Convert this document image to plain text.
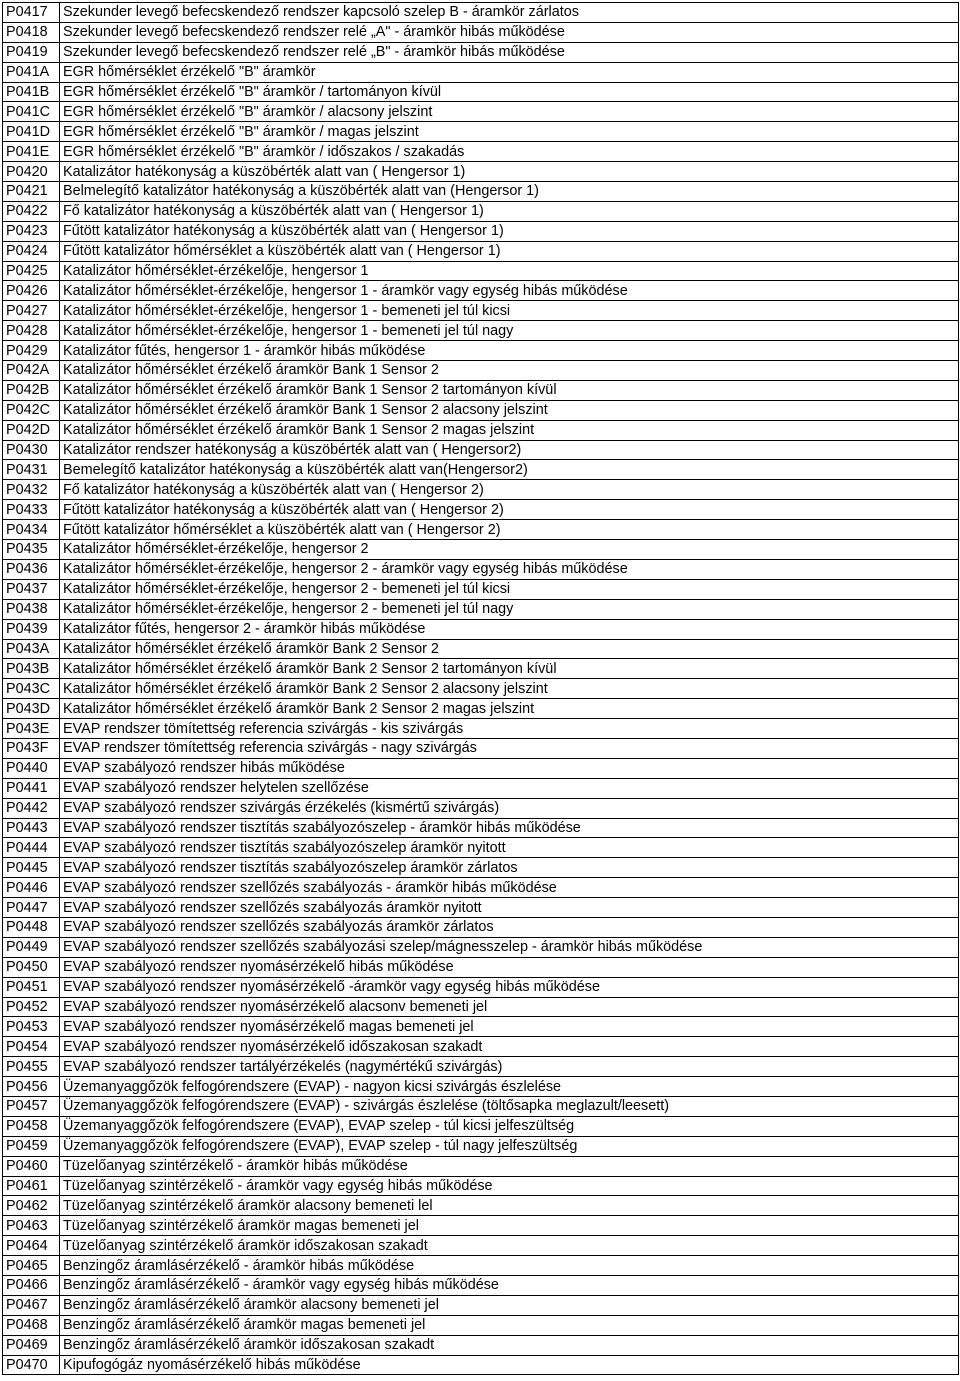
P0417	Szekunder levegő befecskendező rendszer kapcsoló szelep B - áramkör zárlatos
P0418	Szekunder levegő befecskendező rendszer relé „A" - áramkör hibás működése
P0419	Szekunder levegő befecskendező rendszer relé „B" - áramkör hibás működése
P041A	EGR hőmérséklet érzékelő "B" áramkör
P041B	EGR hőmérséklet érzékelő "B" áramkör / tartományon kívül
P041C	EGR hőmérséklet érzékelő "B" áramkör / alacsony jelszint
P041D	EGR hőmérséklet érzékelő "B" áramkör / magas jelszint
P041E	EGR hőmérséklet érzékelő "B" áramkör / időszakos / szakadás
P0420	Katalizátor hatékonyság a küszöbérték alatt van ( Hengersor 1)
P0421	Belmelegítő katalizátor hatékonyság a küszöbérték alatt van (Hengersor 1)
P0422	Fő katalizátor hatékonyság a küszöbérték alatt van ( Hengersor 1)
P0423	Fűtött katalizátor hatékonyság a küszöbérték alatt van ( Hengersor 1)
P0424	Fűtött katalizátor hőmérséklet a küszöbérték alatt van ( Hengersor 1)
P0425	Katalizátor hőmérséklet-érzékelője, hengersor 1
P0426	Katalizátor hőmérséklet-érzékelője, hengersor 1 - áramkör vagy egység hibás működése
P0427	Katalizátor hőmérséklet-érzékelője, hengersor 1 - bemeneti jel túl kicsi
P0428	Katalizátor hőmérséklet-érzékelője, hengersor 1 - bemeneti jel túl nagy
P0429	Katalizátor fűtés, hengersor 1 - áramkör hibás működése
P042A	Katalizátor hőmérséklet érzékelő áramkör Bank 1 Sensor 2
P042B	Katalizátor hőmérséklet érzékelő áramkör Bank 1 Sensor 2 tartományon kívül
P042C	Katalizátor hőmérséklet érzékelő áramkör Bank 1 Sensor 2 alacsony jelszint
P042D	Katalizátor hőmérséklet érzékelő áramkör Bank 1 Sensor 2 magas jelszint
P0430	Katalizátor rendszer hatékonyság a küszöbérték alatt van ( Hengersor2)
P0431	Bemelegítő katalizátor hatékonyság a küszöbérték alatt van(Hengersor2)
P0432	Fő katalizátor hatékonyság a küszöbérték alatt van ( Hengersor 2)
P0433	Fűtött katalizátor hatékonyság a küszöbérték alatt van ( Hengersor 2)
P0434	Fűtött katalizátor hőmérséklet a küszöbérték alatt van ( Hengersor 2)
P0435	Katalizátor hőmérséklet-érzékelője, hengersor 2
P0436	Katalizátor hőmérséklet-érzékelője, hengersor 2 - áramkör vagy egység hibás működése
P0437	Katalizátor hőmérséklet-érzékelője, hengersor 2 - bemeneti jel túl kicsi
P0438	Katalizátor hőmérséklet-érzékelője, hengersor 2 - bemeneti jel túl nagy
P0439	Katalizátor fűtés, hengersor 2 - áramkör hibás működése
P043A	Katalizátor hőmérséklet érzékelő áramkör Bank 2 Sensor 2
P043B	Katalizátor hőmérséklet érzékelő áramkör Bank 2 Sensor 2 tartományon kívül
P043C	Katalizátor hőmérséklet érzékelő áramkör Bank 2 Sensor 2 alacsony jelszint
P043D	Katalizátor hőmérséklet érzékelő áramkör Bank 2 Sensor 2 magas jelszint
P043E	EVAP rendszer tömítettség referencia szivárgás - kis szivárgás
P043F	EVAP rendszer tömítettség referencia szivárgás - nagy szivárgás
P0440	EVAP szabályozó rendszer hibás működése
P0441	EVAP szabályozó rendszer helytelen szellőzése
P0442	EVAP szabályozó rendszer szivárgás érzékelés (kismértű szivárgás)
P0443	EVAP szabályozó rendszer tisztítás szabályozószelep - áramkör hibás működése
P0444	EVAP szabályozó rendszer tisztítás szabályozószelep áramkör nyitott
P0445	EVAP szabályozó rendszer tisztítás szabályozószelep áramkör zárlatos
P0446	EVAP szabályozó rendszer szellőzés szabályozás - áramkör hibás működése
P0447	EVAP szabályozó rendszer szellőzés szabályozás áramkör nyitott
P0448	EVAP szabályozó rendszer szellőzés szabályozás áramkör zárlatos
P0449	EVAP szabályozó rendszer szellőzés szabályozási szelep/mágnesszelep - áramkör hibás működése
P0450	EVAP szabályozó rendszer nyomásérzékelő hibás működése
P0451	EVAP szabályozó rendszer nyomásérzékelő -áramkör vagy egység hibás működése
P0452	EVAP szabályozó rendszer nyomásérzékelő alacsonv bemeneti jel
P0453	EVAP szabályozó rendszer nyomásérzékelő magas bemeneti jel
P0454	EVAP szabályozó rendszer nyomásérzékelő időszakosan szakadt
P0455	EVAP szabályozó rendszer tartályérzékelés (nagymértékű szivárgás)
P0456	Üzemanyaggőzök felfogórendszere (EVAP) - nagyon kicsi szivárgás észlelése
P0457	Üzemanyaggőzök felfogórendszere (EVAP) - szivárgás észlelése (töltősapka meglazult/leesett)
P0458	Üzemanyaggőzök felfogórendszere (EVAP), EVAP szelep - túl kicsi jelfeszültség
P0459	Üzemanyaggőzök felfogórendszere (EVAP), EVAP szelep - túl nagy jelfeszültség
P0460	Tüzelőanyag szintérzékelő - áramkör hibás működése
P0461	Tüzelőanyag szintérzékelő - áramkör vagy egység hibás működése
P0462	Tüzelőanyag szintérzékelő áramkör alacsony bemeneti lel
P0463	Tüzelőanyag szintérzékelő áramkör magas bemeneti jel
P0464	Tüzelőanyag szintérzékelő áramkör időszakosan szakadt
P0465	Benzingőz áramlásérzékelő - áramkör hibás működése
P0466	Benzingőz áramlásérzékelő - áramkör vagy egység hibás működése
P0467	Benzingőz áramlásérzékelő áramkör alacsony bemeneti jel
P0468	Benzingőz áramlásérzékelő áramkör magas bemeneti jel
P0469	Benzingőz áramlásérzékelő áramkör időszakosan szakadt
P0470	Kipufogógáz nyomásérzékelő hibás működése
